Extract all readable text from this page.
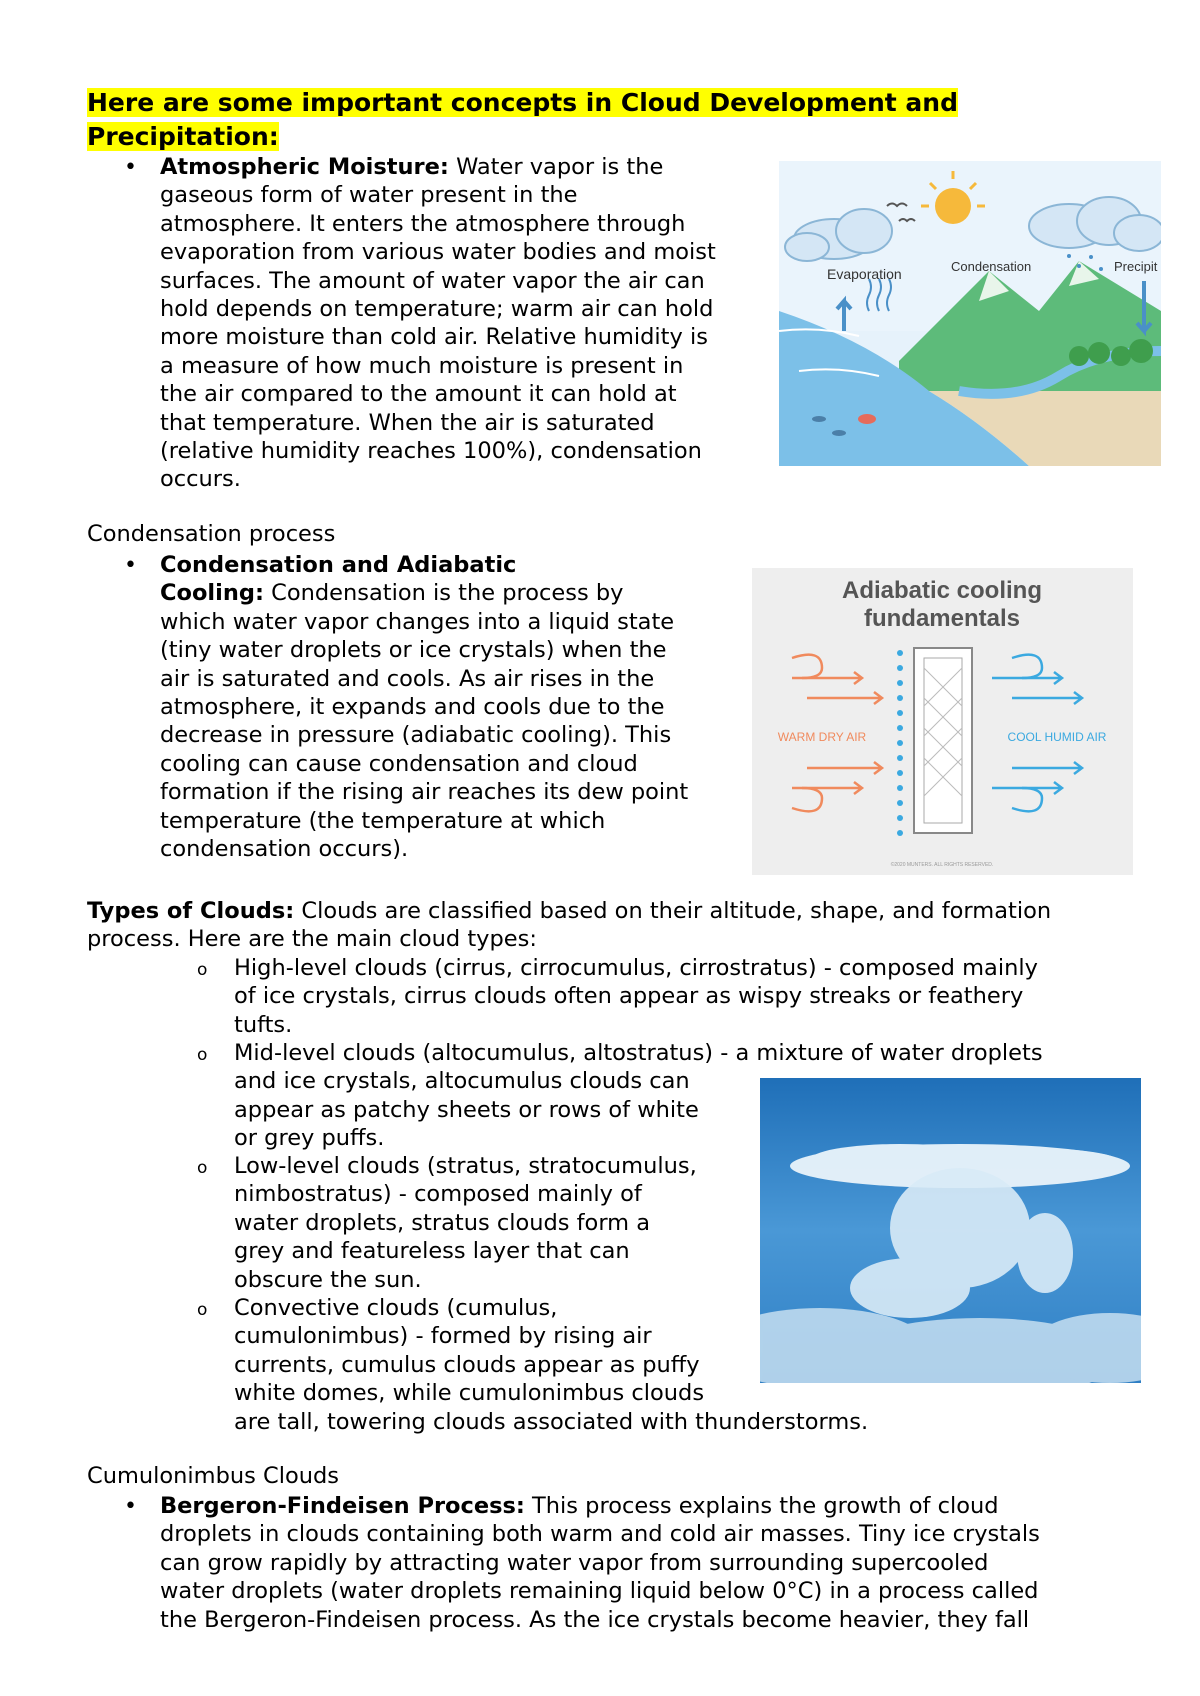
Here are some important concepts in Cloud Development and
Precipitation:
• Atmospheric Moisture: Water vapor is the

gaseous form of water present in the

atmosphere. It enters the atmosphere through

evaporation from various water bodies and moist

surfaces. The amount of water vapor the air can

hold depends on temperature; warm air can hold

more moisture than cold air. Relative humidity is

a measure of how much moisture is present in

the air compared to the amount it can hold at

that temperature. When the air is saturated

(relative humidity reaches 100%), condensation

occurs.

Evaporation	Condensation	Precipit
Condensation process
• Condensation and Adiabatic

Cooling: Condensation is the process by

which water vapor changes into a liquid state

(tiny water droplets or ice crystals) when the

air is saturated and cools. As air rises in the

atmosphere, it expands and cools due to the

decrease in pressure (adiabatic cooling). This

cooling can cause condensation and cloud

formation if the rising air reaches its dew point

temperature (the temperature at which

condensation occurs).

Adiabatic cooling
fundamentals
WARM DRY AIR	COOL HUMID AIR
©2020 MUNTERS. ALL RIGHTS RESERVED.

Types of Clouds: Clouds are classified based on their altitude, shape, and formation

process. Here are the main cloud types:

o High-level clouds (cirrus, cirrocumulus, cirrostratus) - composed mainly

of ice crystals, cirrus clouds often appear as wispy streaks or feathery

tufts.

o Mid-level clouds (altocumulus, altostratus) - a mixture of water droplets

and ice crystals, altocumulus clouds can

appear as patchy sheets or rows of white

or grey puffs.

o Low-level clouds (stratus, stratocumulus,

nimbostratus) - composed mainly of

water droplets, stratus clouds form a

grey and featureless layer that can

obscure the sun.

o Convective clouds (cumulus,

cumulonimbus) - formed by rising air

currents, cumulus clouds appear as puffy

white domes, while cumulonimbus clouds

are tall, towering clouds associated with thunderstorms.

Cumulonimbus Clouds
• Bergeron-Findeisen Process: This process explains the growth of cloud

droplets in clouds containing both warm and cold air masses. Tiny ice crystals

can grow rapidly by attracting water vapor from surrounding supercooled

water droplets (water droplets remaining liquid below 0°C) in a process called

the Bergeron-Findeisen process. As the ice crystals become heavier, they fall
